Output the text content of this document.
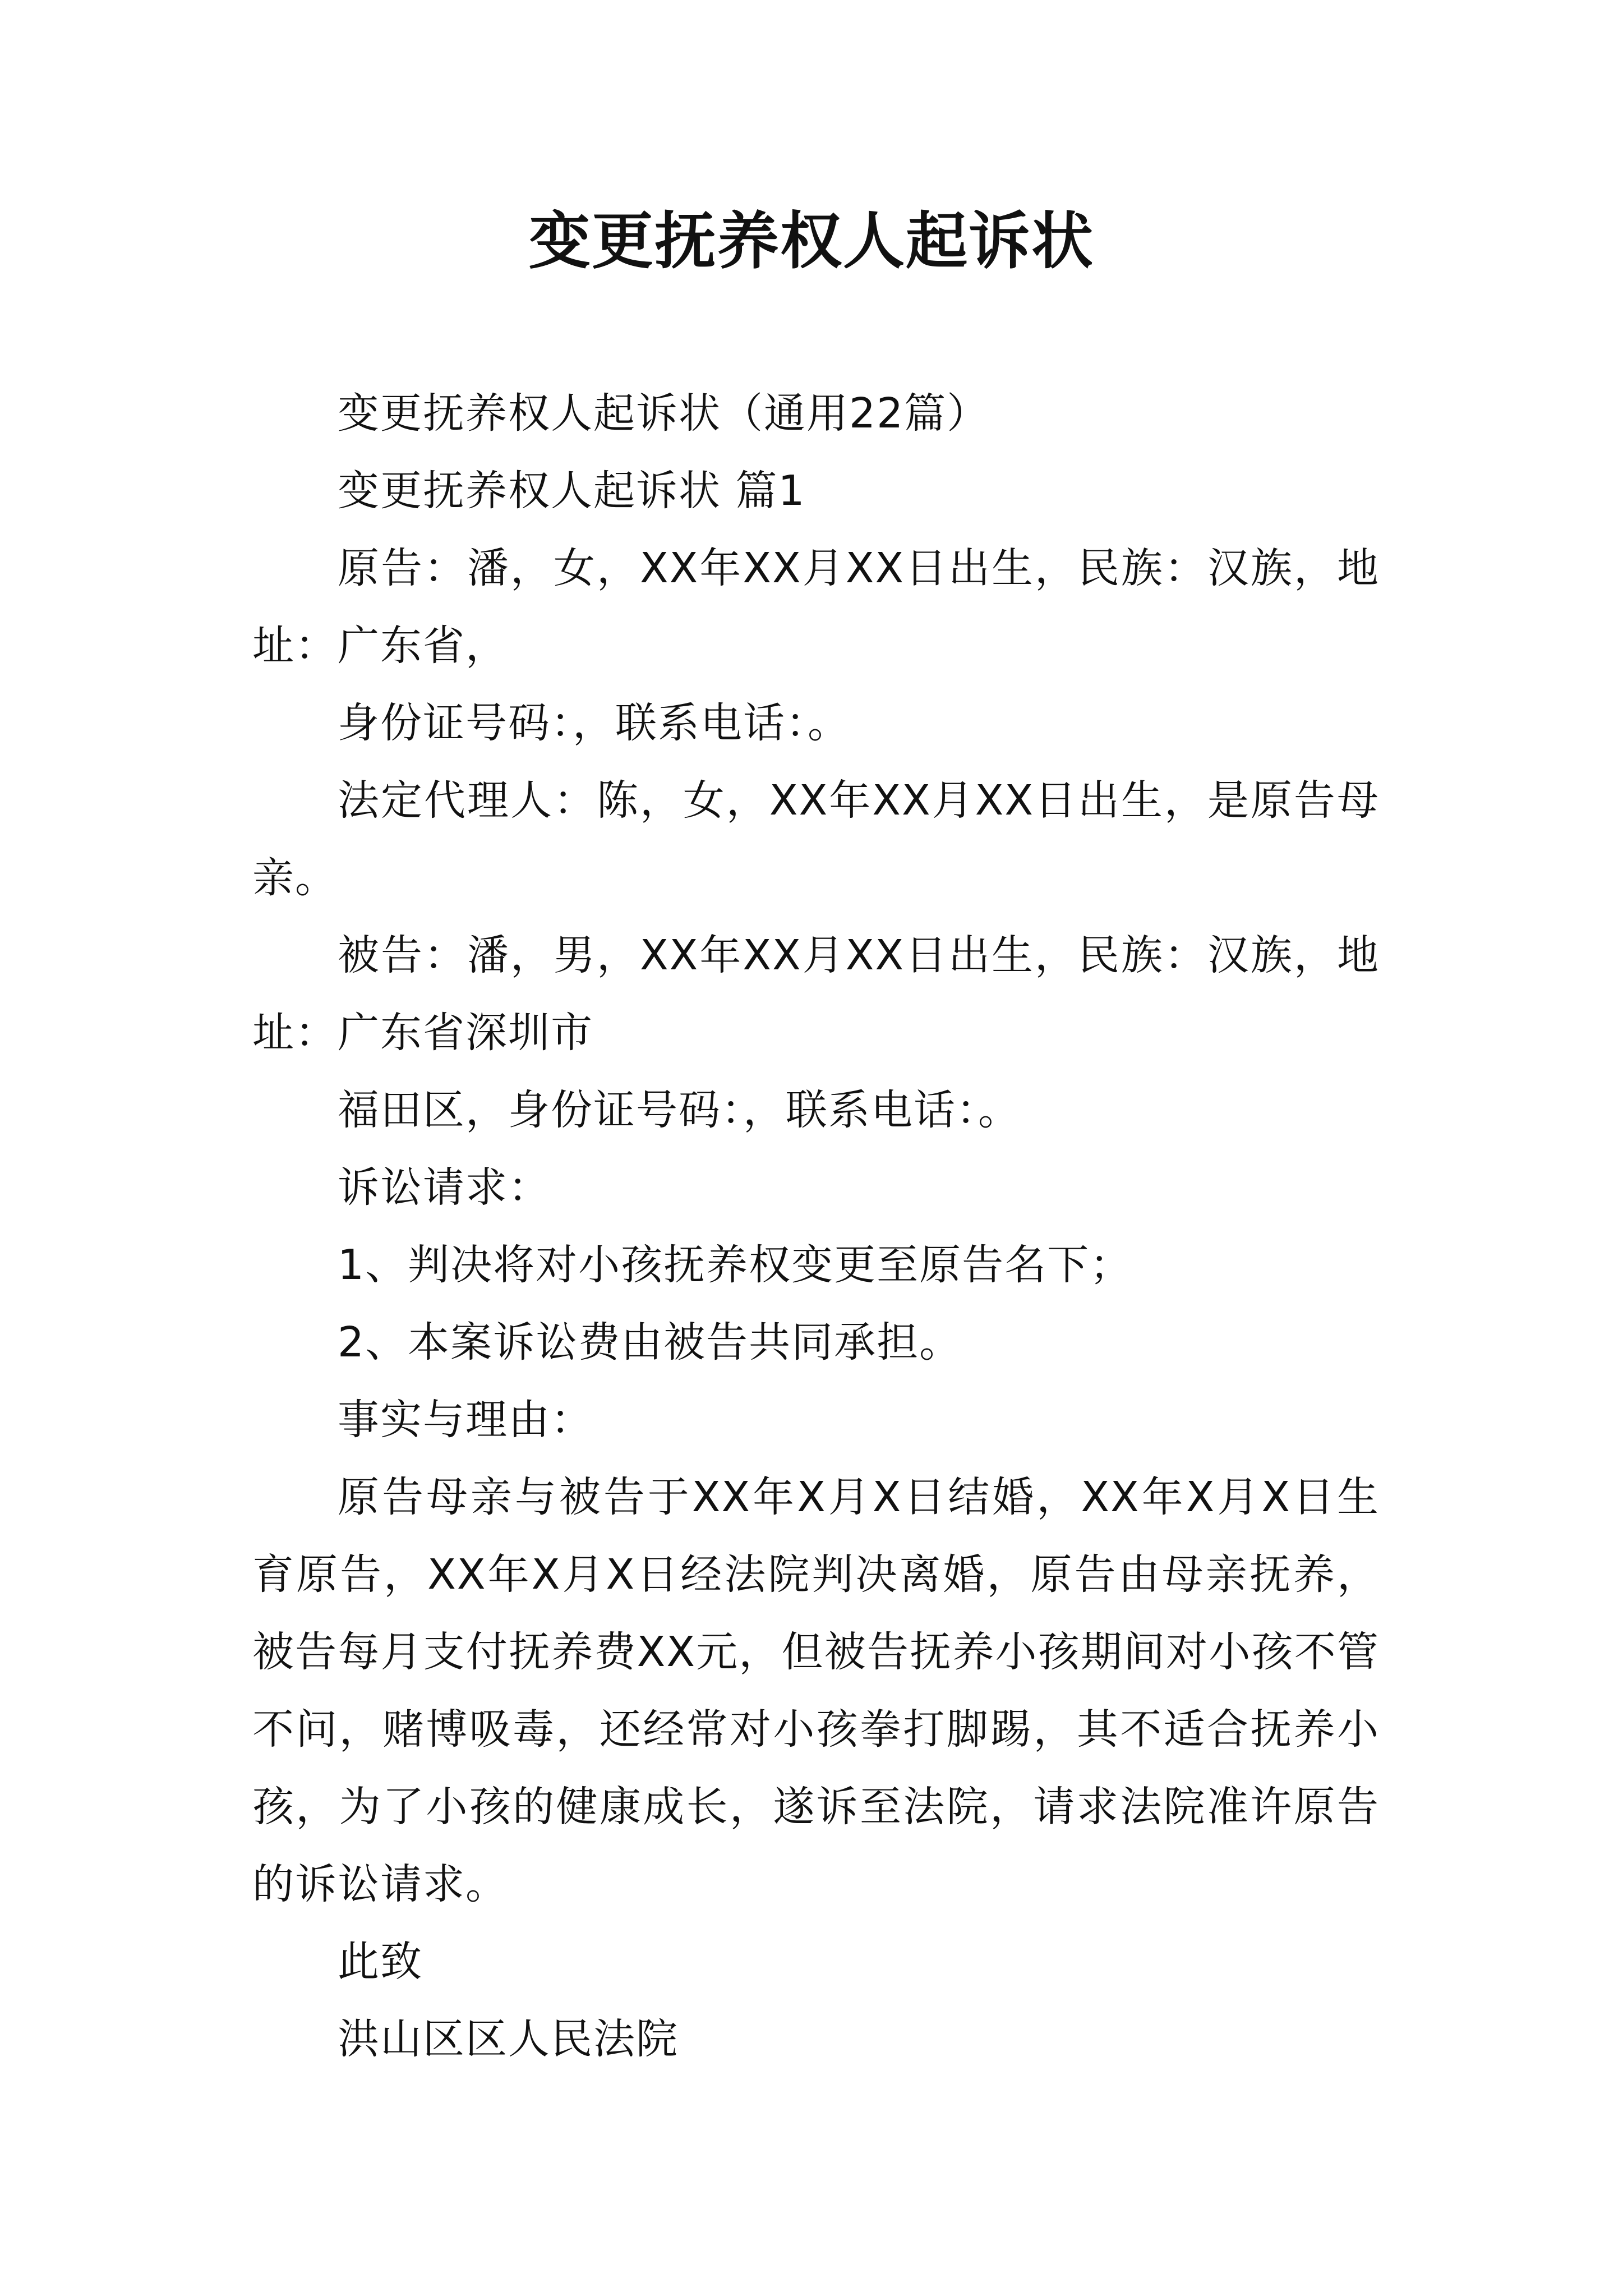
变更抚养权人起诉状

变更抚养权人起诉状（通用22篇）

变更抚养权人起诉状 篇1

原告：潘，女，XX年XX月XX日出生，民族：汉族，地址：广东省，

身份证号码：，联系电话：。

法定代理人：陈，女，XX年XX月XX日出生，是原告母亲。

被告：潘，男，XX年XX月XX日出生，民族：汉族，地址：广东省深圳市

福田区，身份证号码：，联系电话：。

诉讼请求：

1、判决将对小孩抚养权变更至原告名下；

2、本案诉讼费由被告共同承担。

事实与理由：

原告母亲与被告于XX年X月X日结婚，XX年X月X日生育原告，XX年X月X日经法院判决离婚，原告由母亲抚养，被告每月支付抚养费XX元，但被告抚养小孩期间对小孩不管不问，赌博吸毒，还经常对小孩拳打脚踢，其不适合抚养小孩，为了小孩的健康成长，遂诉至法院，请求法院准许原告的诉讼请求。

此致

洪山区区人民法院
